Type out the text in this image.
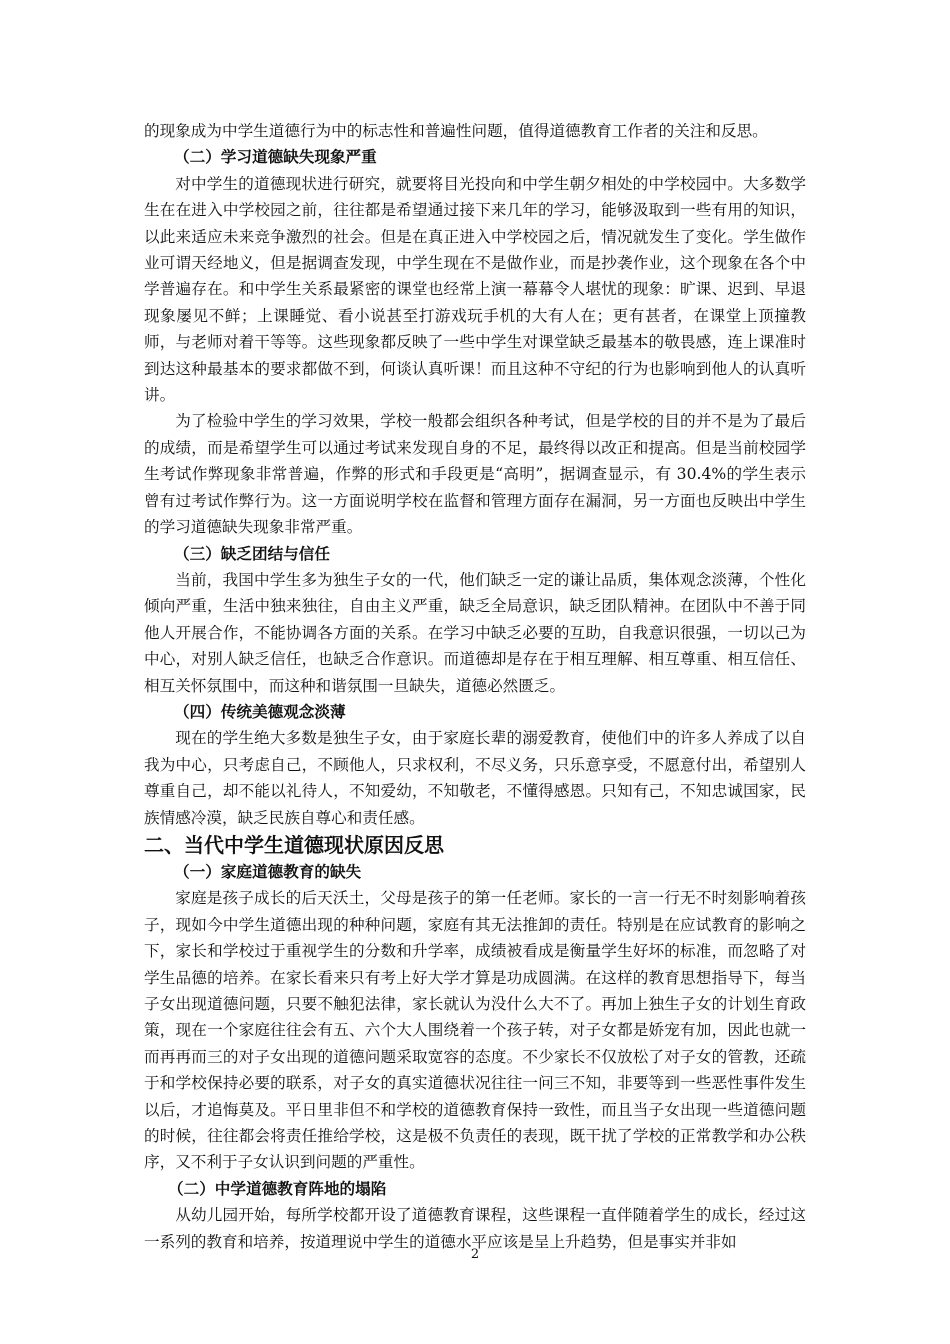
的现象成为中学生道德行为中的标志性和普遍性问题，值得道德教育工作者的关注和反思。

（二）学习道德缺失现象严重

对中学生的道德现状进行研究，就要将目光投向和中学生朝夕相处的中学校园中。大多数学生在在进入中学校园之前，往往都是希望通过接下来几年的学习，能够汲取到一些有用的知识，以此来适应未来竞争激烈的社会。但是在真正进入中学校园之后，情况就发生了变化。学生做作业可谓天经地义，但是据调查发现，中学生现在不是做作业，而是抄袭作业，这个现象在各个中学普遍存在。和中学生关系最紧密的课堂也经常上演一幕幕令人堪忧的现象：旷课、迟到、早退现象屡见不鲜；上课睡觉、看小说甚至打游戏玩手机的大有人在；更有甚者，在课堂上顶撞教师，与老师对着干等等。这些现象都反映了一些中学生对课堂缺乏最基本的敬畏感，连上课准时到达这种最基本的要求都做不到，何谈认真听课！而且这种不守纪的行为也影响到他人的认真听讲。

为了检验中学生的学习效果，学校一般都会组织各种考试，但是学校的目的并不是为了最后的成绩，而是希望学生可以通过考试来发现自身的不足，最终得以改正和提高。但是当前校园学生考试作弊现象非常普遍，作弊的形式和手段更是“高明”，据调查显示，有 30.4%的学生表示曾有过考试作弊行为。这一方面说明学校在监督和管理方面存在漏洞，另一方面也反映出中学生的学习道德缺失现象非常严重。

（三）缺乏团结与信任

当前，我国中学生多为独生子女的一代，他们缺乏一定的谦让品质，集体观念淡薄，个性化倾向严重，生活中独来独往，自由主义严重，缺乏全局意识，缺乏团队精神。在团队中不善于同他人开展合作，不能协调各方面的关系。在学习中缺乏必要的互助，自我意识很强，一切以己为中心，对别人缺乏信任，也缺乏合作意识。而道德却是存在于相互理解、相互尊重、相互信任、相互关怀氛围中，而这种和谐氛围一旦缺失，道德必然匮乏。

（四）传统美德观念淡薄

现在的学生绝大多数是独生子女，由于家庭长辈的溺爱教育，使他们中的许多人养成了以自我为中心，只考虑自己，不顾他人，只求权利，不尽义务，只乐意享受，不愿意付出，希望别人尊重自己，却不能以礼待人，不知爱幼，不知敬老，不懂得感恩。只知有己，不知忠诚国家，民族情感冷漠，缺乏民族自尊心和责任感。

二、当代中学生道德现状原因反思

（一）家庭道德教育的缺失

家庭是孩子成长的后天沃土，父母是孩子的第一任老师。家长的一言一行无不时刻影响着孩子，现如今中学生道德出现的种种问题，家庭有其无法推卸的责任。特别是在应试教育的影响之下，家长和学校过于重视学生的分数和升学率，成绩被看成是衡量学生好坏的标准，而忽略了对学生品德的培养。在家长看来只有考上好大学才算是功成圆满。在这样的教育思想指导下，每当子女出现道德问题，只要不触犯法律，家长就认为没什么大不了。再加上独生子女的计划生育政策，现在一个家庭往往会有五、六个大人围绕着一个孩子转，对子女都是娇宠有加，因此也就一而再再而三的对子女出现的道德问题采取宽容的态度。不少家长不仅放松了对子女的管教，还疏于和学校保持必要的联系，对子女的真实道德状况往往一问三不知，非要等到一些恶性事件发生以后，才追悔莫及。平日里非但不和学校的道德教育保持一致性，而且当子女出现一些道德问题的时候，往往都会将责任推给学校，这是极不负责任的表现，既干扰了学校的正常教学和办公秩序，又不利于子女认识到问题的严重性。

（二）中学道德教育阵地的塌陷

从幼儿园开始，每所学校都开设了道德教育课程，这些课程一直伴随着学生的成长，经过这一系列的教育和培养，按道理说中学生的道德水平应该是呈上升趋势，但是事实并非如

2
